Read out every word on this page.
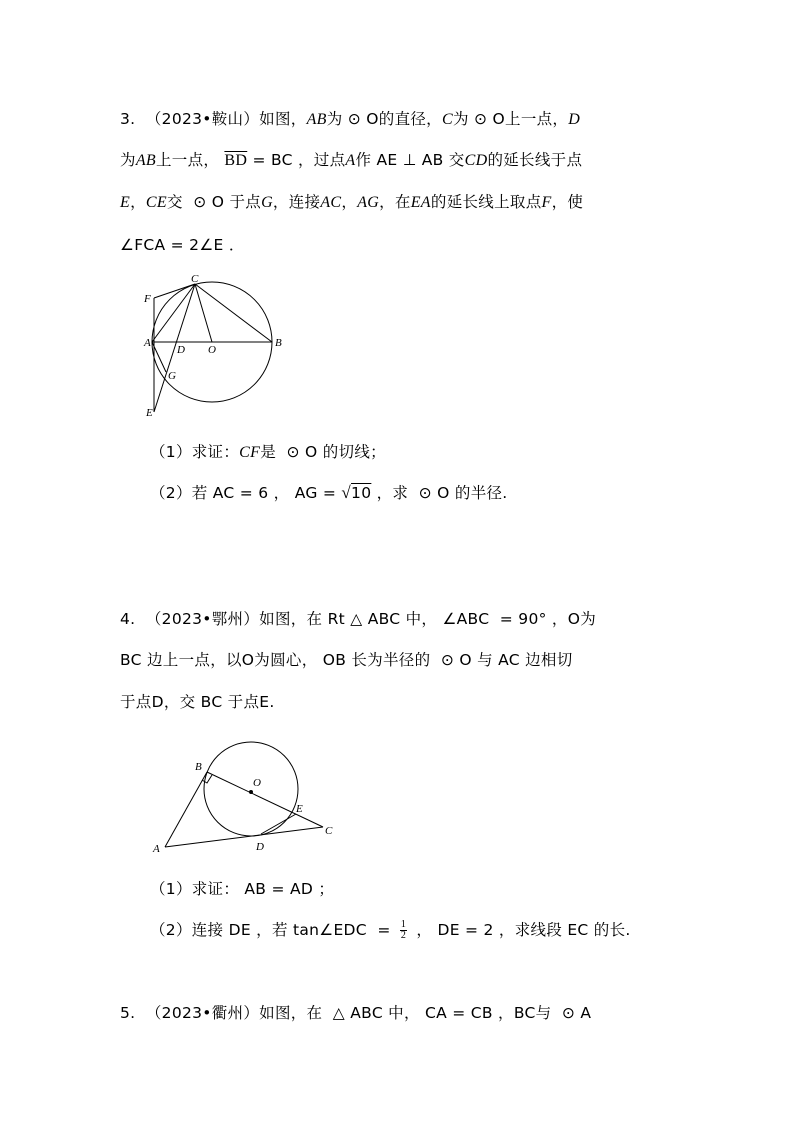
3. （2023•鞍山）如图，AB为 ⊙ O的直径，C为 ⊙ O上一点，D
为AB上一点， $\overline{BD}$ = BC ，过点A作 AE ⊥ AB 交CD的延长线于点
E，CE交  ⊙ O 于点G，连接AC，AG，在EA的延长线上取点F，使
∠FCA = 2∠E ．
F
C
A
D O
B
G
E
（1）求证：CF是  ⊙ O 的切线；
（2）若 AC = 6 ， AG = √10 ，求  ⊙ O 的半径.
4. （2023•鄂州）如图，在 Rt △ ABC 中， ∠ABC  = 90° ，O为
BC 边上一点，以O为圆心， OB 长为半径的  ⊙ O 与 AC 边相切
于点D，交 BC 于点E.
B
O
E
C
A	D
（1）求证： AB = AD ；
（2）连接 DE ，若 tan∠EDC  = $\frac{1}{2}$ ， DE = 2 ，求线段 EC 的长.
5. （2023•衢州）如图，在  △ ABC 中， CA = CB ，BC与  ⊙ A
